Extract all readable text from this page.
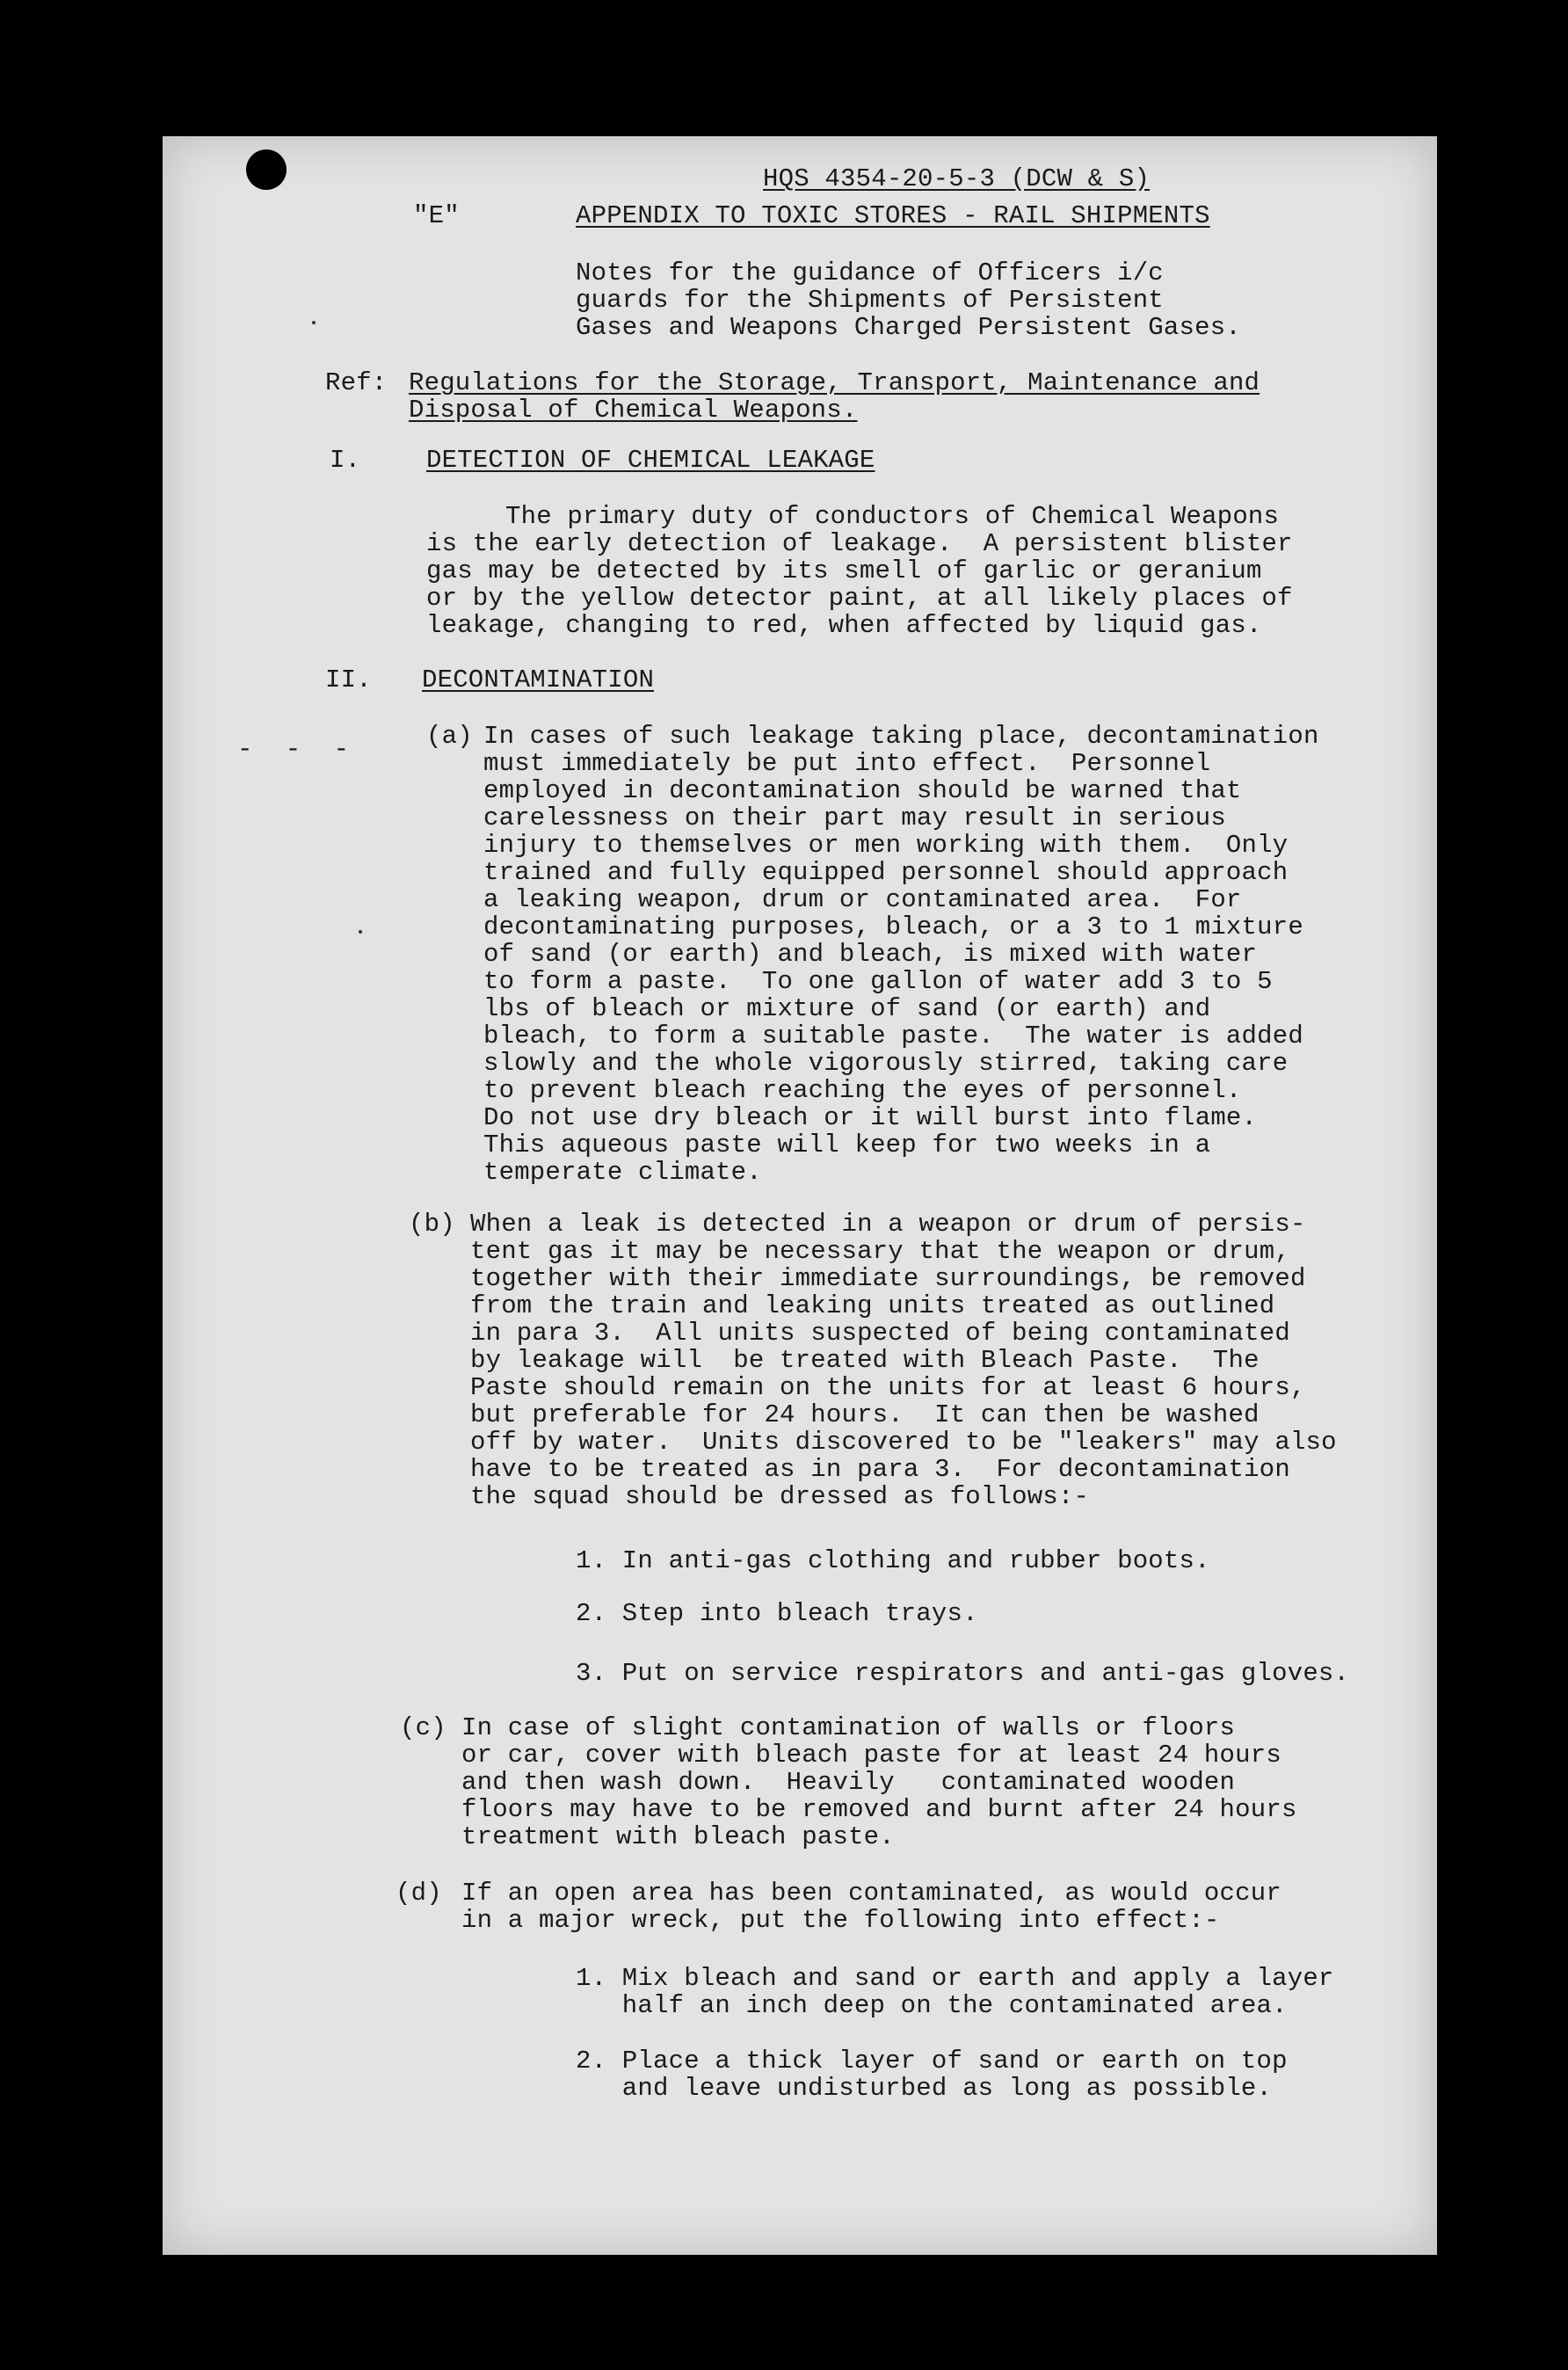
- - -
HQS 4354-20-5-3 (DCW & S)
"E"	APPENDIX TO TOXIC STORES - RAIL SHIPMENTS
Notes for the guidance of Officers i/c
guards for the Shipments of Persistent
Gases and Weapons Charged Persistent Gases.
Ref: Regulations for the Storage, Transport, Maintenance and
Disposal of Chemical Weapons.
I.	DETECTION OF CHEMICAL LEAKAGE
The primary duty of conductors of Chemical Weapons
is the early detection of leakage.  A persistent blister
gas may be detected by its smell of garlic or geranium
or by the yellow detector paint, at all likely places of
leakage, changing to red, when affected by liquid gas.
II. DECONTAMINATION
(a) In cases of such leakage taking place, decontamination
must immediately be put into effect.  Personnel
employed in decontamination should be warned that
carelessness on their part may result in serious
injury to themselves or men working with them.  Only
trained and fully equipped personnel should approach
a leaking weapon, drum or contaminated area.  For
decontaminating purposes, bleach, or a 3 to 1 mixture
of sand (or earth) and bleach, is mixed with water
to form a paste.  To one gallon of water add 3 to 5
lbs of bleach or mixture of sand (or earth) and
bleach, to form a suitable paste.  The water is added
slowly and the whole vigorously stirred, taking care
to prevent bleach reaching the eyes of personnel.
Do not use dry bleach or it will burst into flame.
This aqueous paste will keep for two weeks in a
temperate climate.
(b) When a leak is detected in a weapon or drum of persis-
tent gas it may be necessary that the weapon or drum,
together with their immediate surroundings, be removed
from the train and leaking units treated as outlined
in para 3.  All units suspected of being contaminated
by leakage will  be treated with Bleach Paste.  The
Paste should remain on the units for at least 6 hours,
but preferable for 24 hours.  It can then be washed
off by water.  Units discovered to be "leakers" may also
have to be treated as in para 3.  For decontamination
the squad should be dressed as follows:-
1. In anti-gas clothing and rubber boots.
2. Step into bleach trays.
3. Put on service respirators and anti-gas gloves.
(c) In case of slight contamination of walls or floors
or car, cover with bleach paste for at least 24 hours
and then wash down.  Heavily   contaminated wooden
floors may have to be removed and burnt after 24 hours
treatment with bleach paste.
(d) If an open area has been contaminated, as would occur
in a major wreck, put the following into effect:-
1. Mix bleach and sand or earth and apply a layer
half an inch deep on the contaminated area.
2. Place a thick layer of sand or earth on top
and leave undisturbed as long as possible.
